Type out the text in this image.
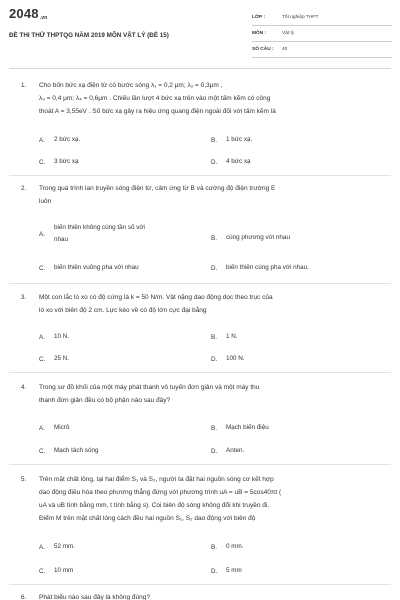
2048.vn
ĐỀ THI THỬ THPTQG NĂM 2019 MÔN VẬT LÝ (ĐỀ 15)
LỚP :	Tốt nghiệp THPT
MÔN :	Vật lý
SỐ CÂU :	40
1. Cho bốn bức xạ điện từ có bước sóng λ₁ = 0,2 μm; λ₂ = 0,3μm ,
λ₃ = 0,4 μm; λ₄ = 0,6μm . Chiếu lần lượt 4 bức xạ trên vào một tấm kẽm có công
thoát A = 3,55eV . Số bức xạ gây ra hiệu ứng quang điện ngoài đối với tấm kẽm là
A.	2 bức xạ.	B.	1 bức xạ.
C.	3 bức xạ	D.	4 bức xạ
2. Trong quá trình lan truyền sóng điện từ, cảm ứng từ B và cường độ điện trường E
luôn
A.
biến thiên không cùng tần số với
nhau	B.	cùng phương với nhau
C.	biến thiên vuông pha với nhau	D.	biến thiên cùng pha với nhau.
3. Một con lắc lò xo có độ cứng là k = 50 N/m. Vật nặng dao động dọc theo trục của
lò xo với biên độ 2 cm. Lực kéo về có độ lớn cực đại bằng
A.	10 N.	B.	1 N.
C.	25 N.	D.	100 N.
4. Trong sơ đồ khối của một máy phát thanh vô tuyến đơn giản và một máy thu
thanh đơn giản đều có bộ phận nào sau đây?
A.	Micrô	B.	Mạch biến điệu
C.	Mạch tách sóng	D.	Anten.
5. Trên mặt chất lỏng, tại hai điểm S₁ và S₂, người ta đặt hai nguồn sóng cơ kết hợp
dao động điều hòa theo phương thẳng đứng với phương trình uA = uB = 5cos40πt (
uA và uB tính bằng mm, t tính bằng s). Coi biên độ sóng không đổi khi truyền đi.
Điểm M trên mặt chất lỏng cách đều hai nguồn S₁, S₂ dao động với biên độ
A.	52 mm.	B.	0 mm.
C.	10 mm	D.	5 mm
6. Phát biểu nào sau đây là không đúng?
